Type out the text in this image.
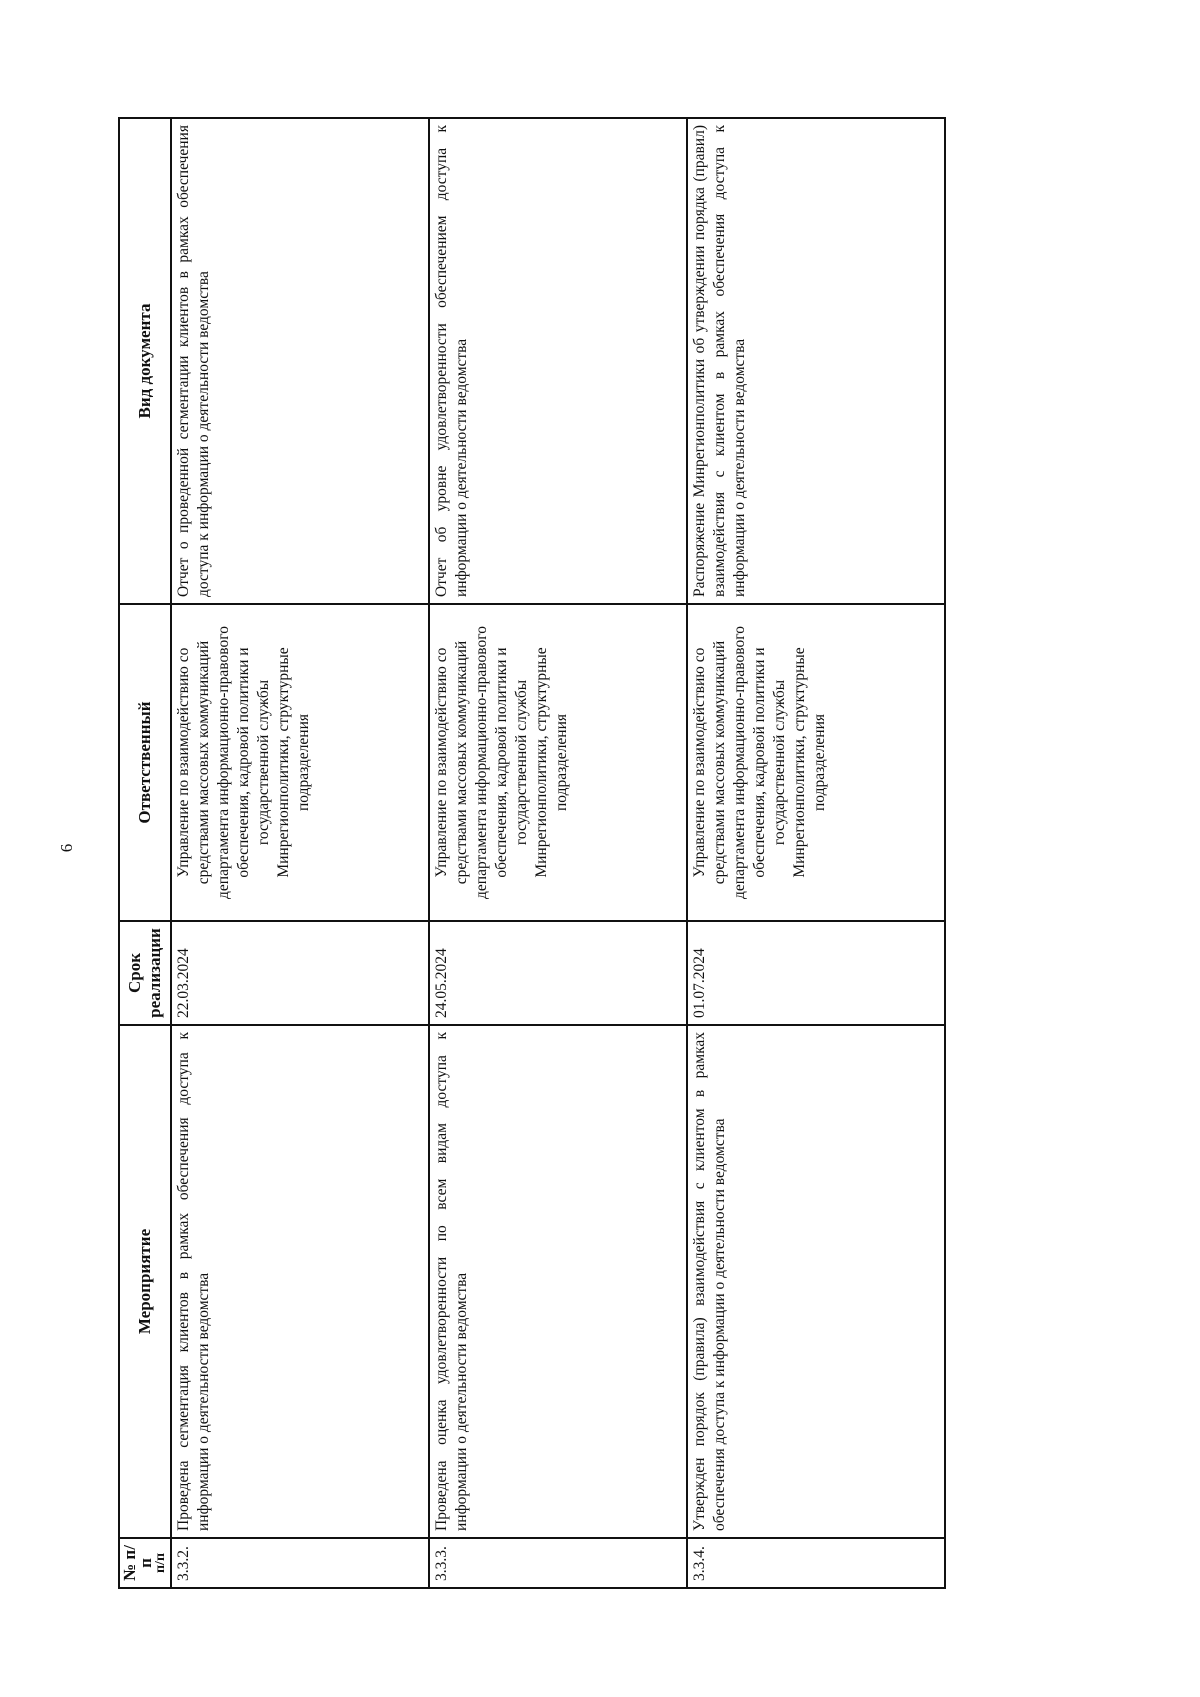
6
№ п/п
п/п	Мероприятие	Срок реализации	Ответственный	Вид документа
3.3.2.	Проведена сегментация клиентов в рамках обеспечения доступа к информации о деятельности ведомства	22.03.2024	Управление по взаимодействию со средствами массовых коммуникаций департамента информационно-правового обеспечения, кадровой политики и государственной службы Минрегионполитики, структурные подразделения	Отчет о проведенной сегментации клиентов в рамках обеспечения доступа к информации о деятельности ведомства
3.3.3.	Проведена оценка удовлетворенности по всем видам доступа к информации о деятельности ведомства	24.05.2024	Управление по взаимодействию со средствами массовых коммуникаций департамента информационно-правового обеспечения, кадровой политики и государственной службы Минрегионполитики, структурные подразделения	Отчет об уровне удовлетворенности обеспечением доступа к информации о деятельности ведомства
3.3.4.	Утвержден порядок (правила) взаимодействия с клиентом в рамках обеспечения доступа к информации о деятельности ведомства	01.07.2024	Управление по взаимодействию со средствами массовых коммуникаций департамента информационно-правового обеспечения, кадровой политики и государственной службы Минрегионполитики, структурные подразделения	Распоряжение Минрегионполитики об утверждении порядка (правил) взаимодействия с клиентом в рамках обеспечения доступа к информации о деятельности ведомства
